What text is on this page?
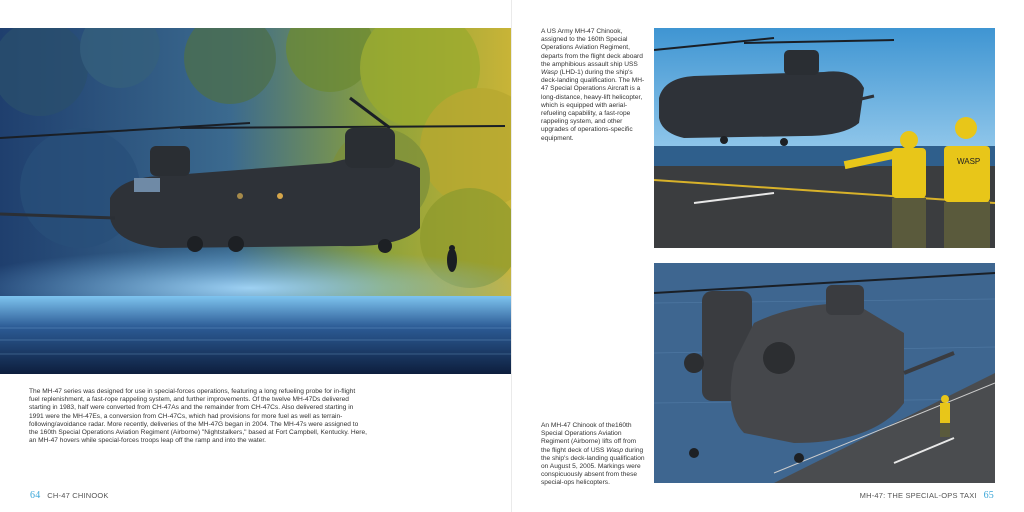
The MH-47 series was designed for use in special-forces operations, featuring a long refueling probe for in-flight fuel replenishment, a fast-rope rappeling system, and further improvements. Of the twelve MH-47Ds delivered starting in 1983, half were converted from CH-47As and the remainder from CH-47Cs. Also delivered starting in 1991 were the MH-47Es, a conversion from CH-47Cs, which had provisions for more fuel as well as terrain-following/avoidance radar. More recently, deliveries of the MH-47G began in 2004. The MH-47s were assigned to the 160th Special Operations Aviation Regiment (Airborne) "Nightstalkers," based at Fort Campbell, Kentucky. Here, an MH-47 hovers while special-forces troops leap off the ramp and into the water.
64 CH-47 CHINOOK
A US Army MH-47 Chinook, assigned to the 160th Special Operations Aviation Regiment, departs from the flight deck aboard the amphibious assault ship USS Wasp (LHD-1) during the ship's deck-landing qualification. The MH-47 Special Operations Aircraft is a long-distance, heavy-lift helicopter, which is equipped with aerial-refueling capability, a fast-rope rappeling system, and other upgrades of operations-specific equipment.
WASP
An MH-47 Chinook of the160th Special Operations Aviation Regiment (Airborne) lifts off from the flight deck of USS Wasp during the ship's deck-landing qualification on August 5, 2005. Markings were conspicuously absent from these special-ops helicopters.
MH-47: THE SPECIAL-OPS TAXI 65
